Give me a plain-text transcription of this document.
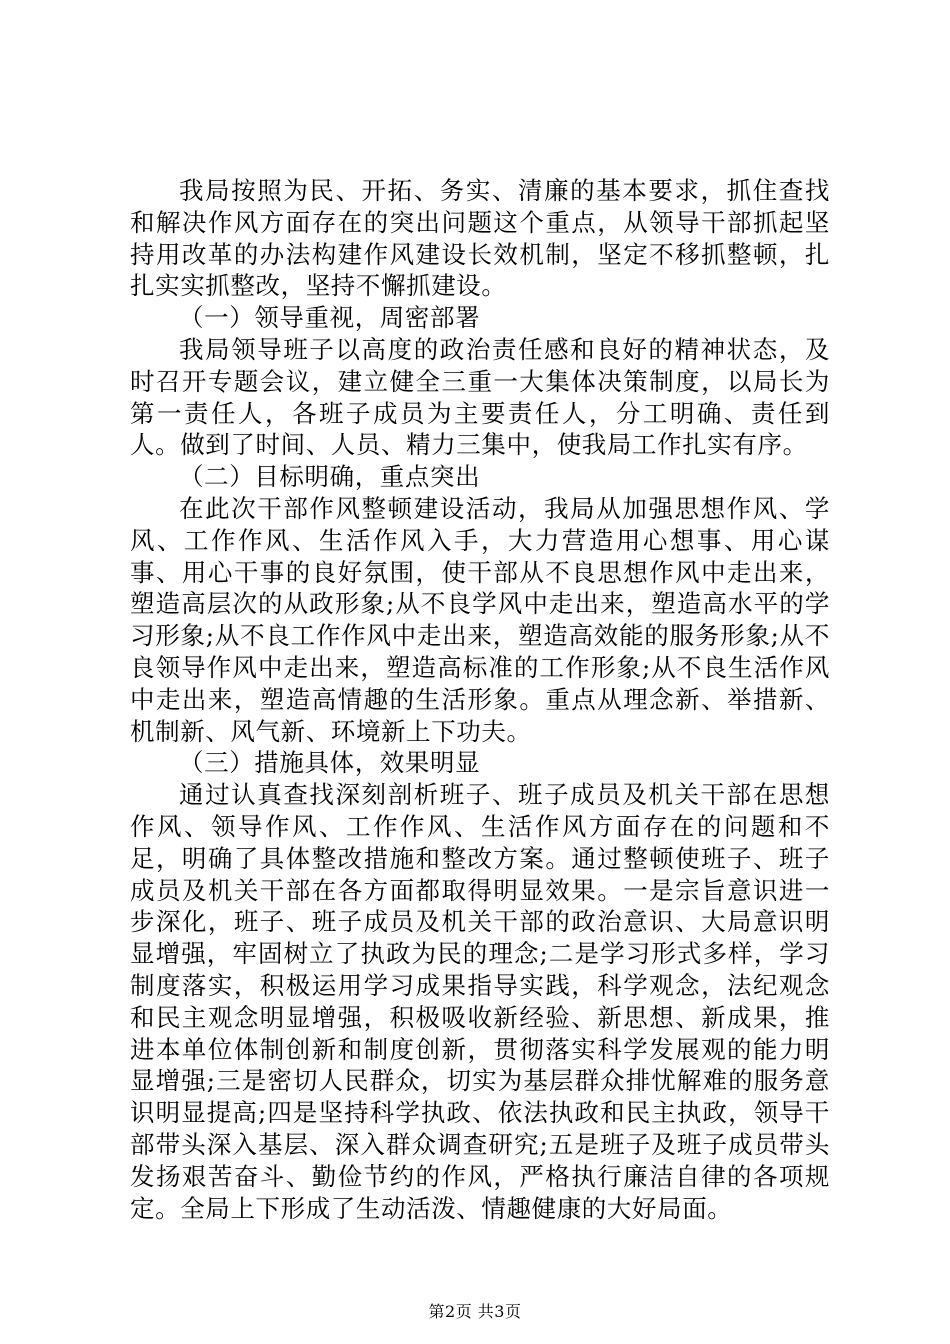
我局按照为民、开拓、务实、清廉的基本要求，抓住查找和解决作风方面存在的突出问题这个重点，从领导干部抓起坚持用改革的办法构建作风建设长效机制，坚定不移抓整顿，扎扎实实抓整改，坚持不懈抓建设。

（一）领导重视，周密部署

我局领导班子以高度的政治责任感和良好的精神状态，及时召开专题会议，建立健全三重一大集体决策制度，以局长为第一责任人，各班子成员为主要责任人，分工明确、责任到人。做到了时间、人员、精力三集中，使我局工作扎实有序。

（二）目标明确，重点突出

在此次干部作风整顿建设活动，我局从加强思想作风、学风、工作作风、生活作风入手，大力营造用心想事、用心谋事、用心干事的良好氛围，使干部从不良思想作风中走出来，塑造高层次的从政形象;从不良学风中走出来，塑造高水平的学习形象;从不良工作作风中走出来，塑造高效能的服务形象;从不良领导作风中走出来，塑造高标准的工作形象;从不良生活作风中走出来，塑造高情趣的生活形象。重点从理念新、举措新、机制新、风气新、环境新上下功夫。

（三）措施具体，效果明显

通过认真查找深刻剖析班子、班子成员及机关干部在思想作风、领导作风、工作作风、生活作风方面存在的问题和不足，明确了具体整改措施和整改方案。通过整顿使班子、班子成员及机关干部在各方面都取得明显效果。一是宗旨意识进一步深化，班子、班子成员及机关干部的政治意识、大局意识明显增强，牢固树立了执政为民的理念;二是学习形式多样，学习制度落实，积极运用学习成果指导实践，科学观念，法纪观念和民主观念明显增强，积极吸收新经验、新思想、新成果，推进本单位体制创新和制度创新，贯彻落实科学发展观的能力明显增强;三是密切人民群众，切实为基层群众排忧解难的服务意识明显提高;四是坚持科学执政、依法执政和民主执政，领导干部带头深入基层、深入群众调查研究;五是班子及班子成员带头发扬艰苦奋斗、勤俭节约的作风，严格执行廉洁自律的各项规定。全局上下形成了生动活泼、情趣健康的大好局面。

第2页 共3页
